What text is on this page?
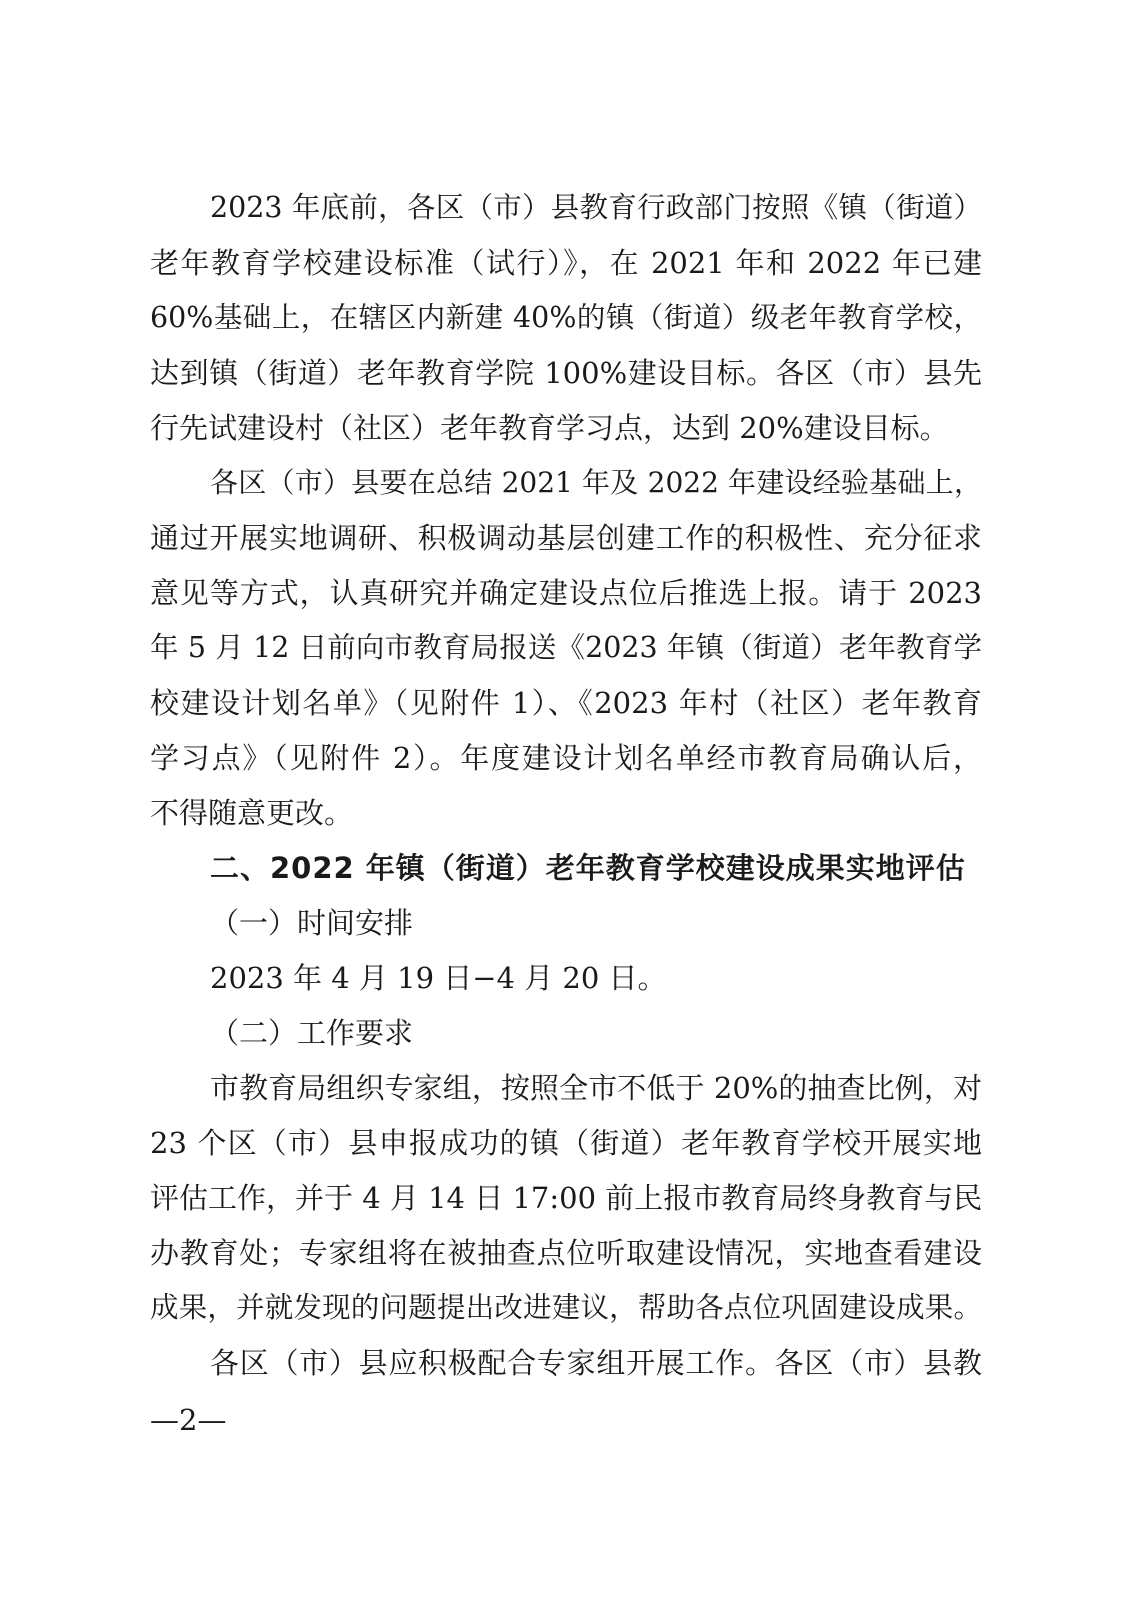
2023 年底前，各区（市）县教育行政部门按照《镇（街道）
老年教育学校建设标准（试行）》，在 2021 年和 2022 年已建
60%基础上，在辖区内新建 40%的镇（街道）级老年教育学校，
达到镇（街道）老年教育学院 100%建设目标。各区（市）县先
行先试建设村（社区）老年教育学习点，达到 20%建设目标。
各区（市）县要在总结 2021 年及 2022 年建设经验基础上，
通过开展实地调研、积极调动基层创建工作的积极性、充分征求
意见等方式，认真研究并确定建设点位后推选上报。请于 2023
年 5 月 12 日前向市教育局报送《2023 年镇（街道）老年教育学
校建设计划名单》（见附件 1）、《2023 年村（社区）老年教育
学习点》（见附件 2）。年度建设计划名单经市教育局确认后，
不得随意更改。
二、2022 年镇（街道）老年教育学校建设成果实地评估
（一）时间安排
2023 年 4 月 19 日−4 月 20 日。
（二）工作要求
市教育局组织专家组，按照全市不低于 20%的抽查比例，对
23 个区（市）县申报成功的镇（街道）老年教育学校开展实地
评估工作，并于 4 月 14 日 17:00 前上报市教育局终身教育与民
办教育处；专家组将在被抽查点位听取建设情况，实地查看建设
成果，并就发现的问题提出改进建议，帮助各点位巩固建设成果。
各区（市）县应积极配合专家组开展工作。各区（市）县教
—2—
